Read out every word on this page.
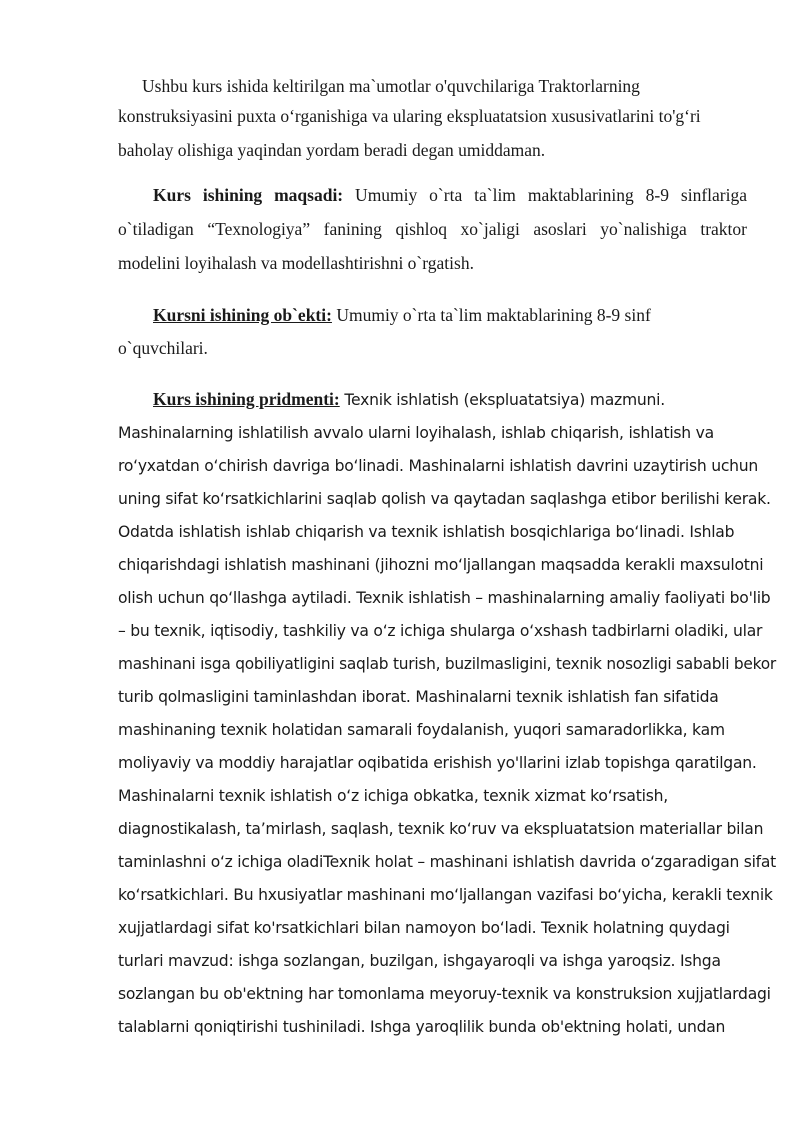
Ushbu kurs ishida keltirilgan ma`umotlar o'quvchilariga Traktorlarning
konstruksiyasini puxta o‘rganishiga va ularing ekspluatatsion xususivatlarini to'g‘ri
baholay olishiga yaqindan yordam beradi degan umiddaman.
Kurs ishining maqsadi: Umumiy o`rta ta`lim maktablarining 8-9 sinflariga
o`tiladigan “Texnologiya” fanining qishloq xo`jaligi asoslari yo`nalishiga traktor
modelini loyihalash va modellashtirishni o`rgatish.
Kursni ishining ob`ekti: Umumiy o`rta ta`lim maktablarining 8-9 sinf
o`quvchilari.
Kurs ishining pridmenti: Texnik ishlatish (ekspluatatsiya) mazmuni.
Mashinalarning ishlatilish avvalo ularni loyihalash, ishlab chiqarish, ishlatish va
ro‘yxatdan o‘chirish davriga bo‘linadi. Mashinalarni ishlatish davrini uzaytirish uchun
uning sifat ko‘rsatkichlarini saqlab qolish va qaytadan saqlashga etibor berilishi kerak.
Odatda ishlatish ishlab chiqarish va texnik ishlatish bosqichlariga bo‘linadi. Ishlab
chiqarishdagi ishlatish mashinani (jihozni mo‘ljallangan maqsadda kerakli maxsulotni
olish uchun qo‘llashga aytiladi. Texnik ishlatish – mashinalarning amaliy faoliyati bo'lib
– bu texnik, iqtisodiy, tashkiliy va o‘z ichiga shularga o‘xshash tadbirlarni oladiki, ular
mashinani isga qobiliyatligini saqlab turish, buzilmasligini, texnik nosozligi sababli bekor
turib qolmasligini taminlashdan iborat. Mashinalarni texnik ishlatish fan sifatida
mashinaning texnik holatidan samarali foydalanish, yuqori samaradorlikka, kam
moliyaviy va moddiy harajatlar oqibatida erishish yo'llarini izlab topishga qaratilgan.
Mashinalarni texnik ishlatish o‘z ichiga obkatka, texnik xizmat ko‘rsatish,
diagnostikalash, ta’mirlash, saqlash, texnik ko‘ruv va ekspluatatsion materiallar bilan
taminlashni o‘z ichiga oladiTexnik holat – mashinani ishlatish davrida o‘zgaradigan sifat
ko‘rsatkichlari. Bu hxusiyatlar mashinani mo‘ljallangan vazifasi bo‘yicha, kerakli texnik
xujjatlardagi sifat ko'rsatkichlari bilan namoyon bo‘ladi. Texnik holatning quydagi
turlari mavzud: ishga sozlangan, buzilgan, ishgayaroqli va ishga yaroqsiz. Ishga
sozlangan bu ob'ektning har tomonlama meyoruy-texnik va konstruksion xujjatlardagi
talablarni qoniqtirishi tushiniladi. Ishga yaroqlilik bunda ob'ektning holati, undan
